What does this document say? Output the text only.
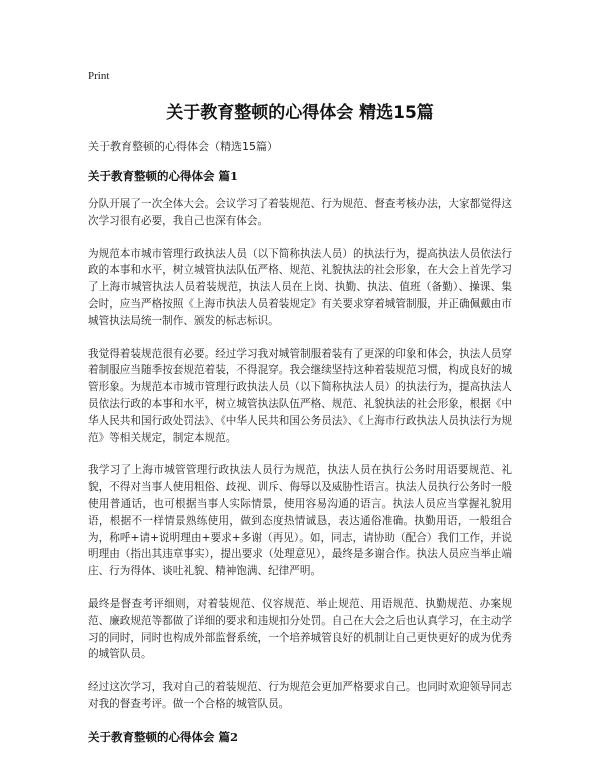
Print
关于教育整顿的心得体会 精选15篇

关于教育整顿的心得体会（精选15篇）

关于教育整顿的心得体会 篇1

分队开展了一次全体大会。会议学习了着装规范、行为规范、督查考核办法，大家都觉得这次学习很有必要，我自己也深有体会。

为规范本市城市管理行政执法人员（以下简称执法人员）的执法行为，提高执法人员依法行政的本事和水平，树立城管执法队伍严格、规范、礼貌执法的社会形象，在大会上首先学习了上海市城管执法人员着装规范，执法人员在上岗、执勤、执法、值班（备勤）、操课、集会时，应当严格按照《上海市执法人员着装规定》有关要求穿着城管制服，并正确佩戴由市城管执法局统一制作、颁发的标志标识。

我觉得着装规范很有必要。经过学习我对城管制服着装有了更深的印象和体会，执法人员穿着制服应当随季按套规范着装，不得混穿。我会继续坚持这种着装规范习惯，构成良好的城管形象。为规范本市城市管理行政执法人员（以下简称执法人员）的执法行为，提高执法人员依法行政的本事和水平，树立城管执法队伍严格、规范、礼貌执法的社会形象，根据《中华人民共和国行政处罚法》、《中华人民共和国公务员法》、《上海市行政执法人员执法行为规范》等相关规定，制定本规范。

我学习了上海市城管管理行政执法人员行为规范，执法人员在执行公务时用语要规范、礼貌，不得对当事人使用粗俗、歧视、训斥、侮辱以及威胁性语言。执法人员执行公务时一般使用普通话，也可根据当事人实际情景，使用容易沟通的语言。执法人员应当掌握礼貌用语，根据不一样情景熟练使用，做到态度热情诚恳，表达通俗准确。执勤用语，一般组合为，称呼+请+说明理由+要求+多谢（再见）。如，同志，请协助（配合）我们工作，并说明理由（指出其违章事实），提出要求（处理意见），最终是多谢合作。执法人员应当举止端庄、行为得体、谈吐礼貌、精神饱满、纪律严明。

最终是督查考评细则，对着装规范、仪容规范、举止规范、用语规范、执勤规范、办案规范、廉政规范等都做了详细的要求和违规扣分处罚。自己在大会之后也认真学习，在主动学习的同时，同时也构成外部监督系统，一个培养城管良好的机制让自己更快更好的成为优秀的城管队员。

经过这次学习，我对自己的着装规范、行为规范会更加严格要求自己。也同时欢迎领导同志对我的督查考评。做一个合格的城管队员。

关于教育整顿的心得体会 篇2
